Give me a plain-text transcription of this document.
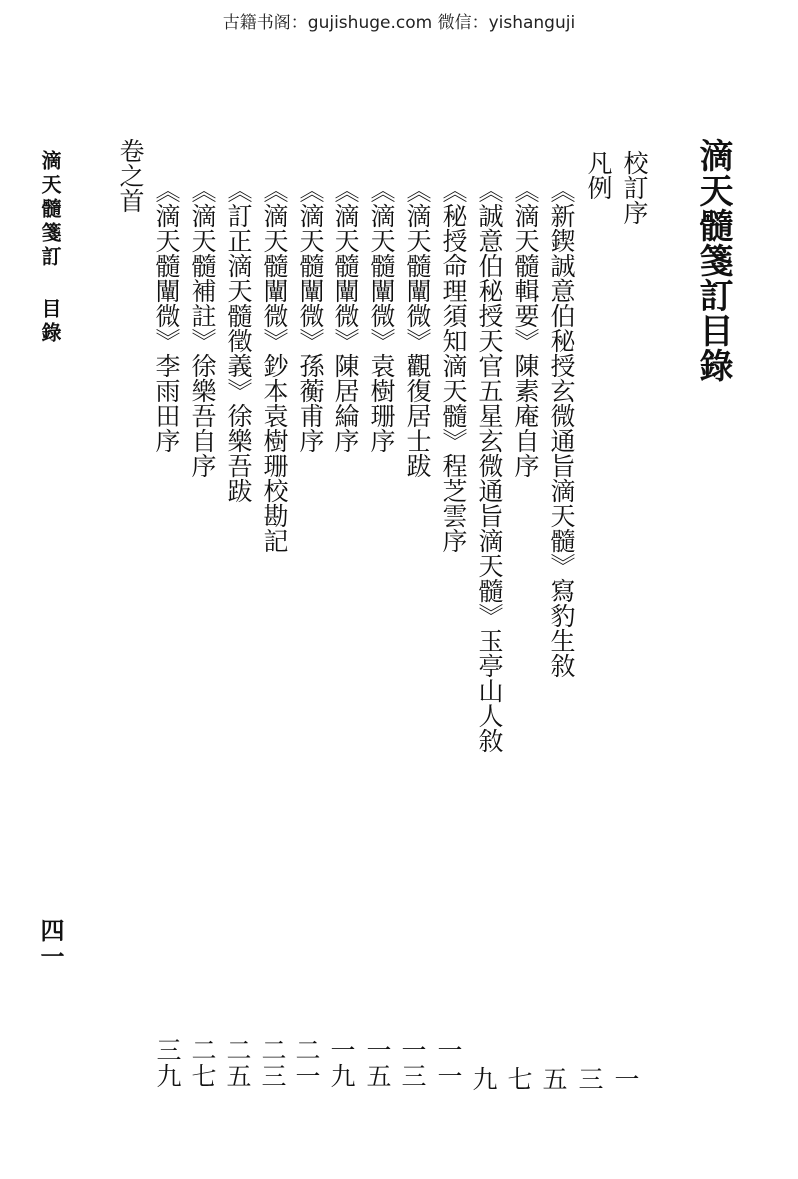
古籍书阁：gujishuge.com 微信：yishanguji
滴天髓箋訂目錄
校訂序
凡例
《新鍥誠意伯秘授玄微通旨滴天髓》寫豹生敘
《滴天髓輯要》陳素庵自序
《誠意伯秘授天官五星玄微通旨滴天髓》玉亭山人敘
《秘授命理須知滴天髓》程芝雲序
《滴天髓闡微》觀復居士跋
《滴天髓闡微》袁樹珊序
《滴天髓闡微》陳居綸序
《滴天髓闡微》孫蘅甫序
《滴天髓闡微》鈔本袁樹珊校勘記
《訂正滴天髓徵義》徐樂吾跋
《滴天髓補註》徐樂吾自序
《滴天髓闡微》李雨田序
卷之首
一
三
五
七
九
一一
一三
一五
一九
二一
二三
二五
二七
三九
滴天髓箋訂
目錄
四一
